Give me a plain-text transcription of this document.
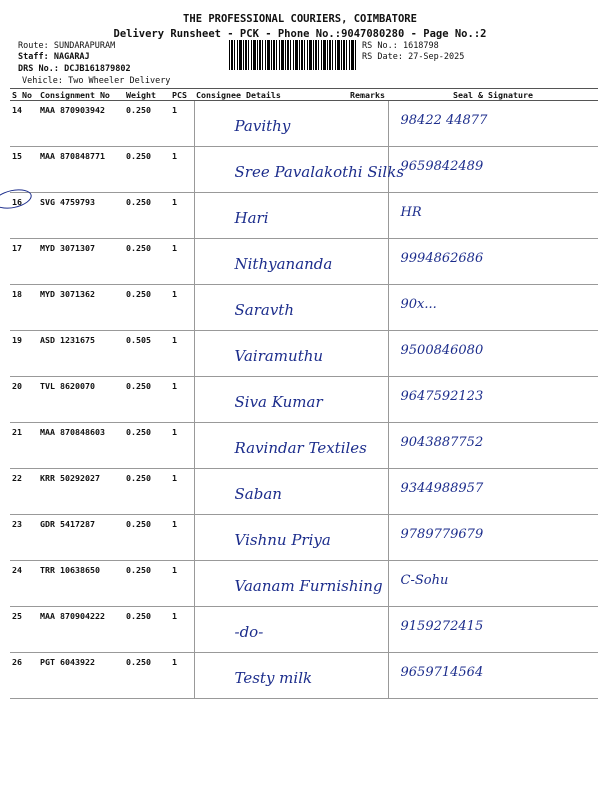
THE PROFESSIONAL COURIERS, COIMBATORE
Delivery Runsheet - PCK - Phone No.:9047080280 - Page No.:2
Route: SUNDARAPURAM
Staff: NAGARAJ
DRS No.: DCJB161879802
Vehicle: Two Wheeler Delivery
RS No.: 1618798
RS Date: 27-Sep-2025
S No	Consignment No	Weight	PCS	Consignee Details	Remarks	Seal & Signature
14	MAA 870903942	0.250	1	Pavithy		98422 44877

15	MAA 870848771	0.250	1	Sree Pavalakothi Silks		9659842489

16	SVG 4759793	0.250	1	Hari		HR

17	MYD 3071307	0.250	1	Nithyananda		9994862686

18	MYD 3071362	0.250	1	Saravth		90x...

19	ASD 1231675	0.505	1	Vairamuthu		9500846080

20	TVL 8620070	0.250	1	Siva Kumar		9647592123

21	MAA 870848603	0.250	1	Ravindar Textiles		9043887752

22	KRR 50292027	0.250	1	Saban		9344988957

23	GDR 5417287	0.250	1	Vishnu Priya		9789779679

24	TRR 10638650	0.250	1	Vaanam Furnishing		C-Sohu

25	MAA 870904222	0.250	1	-do-		9159272415

26	PGT 6043922	0.250	1	Testy milk		9659714564
